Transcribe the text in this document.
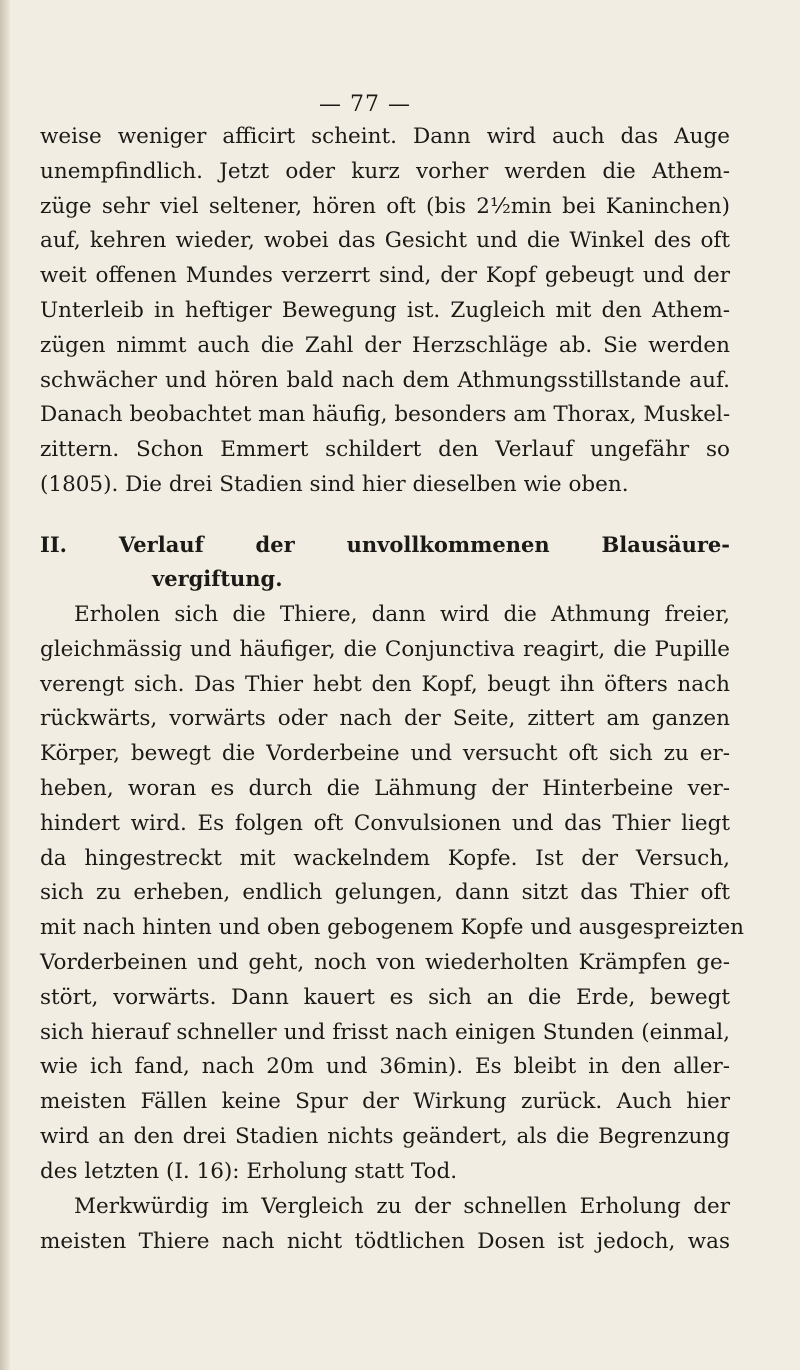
— 77 —
weise weniger afficirt scheint. Dann wird auch das Auge
unempfindlich. Jetzt oder kurz vorher werden die Athem-
züge sehr viel seltener, hören oft (bis 2½min bei Kaninchen)
auf, kehren wieder, wobei das Gesicht und die Winkel des oft
weit offenen Mundes verzerrt sind, der Kopf gebeugt und der
Unterleib in heftiger Bewegung ist. Zugleich mit den Athem-
zügen nimmt auch die Zahl der Herzschläge ab. Sie werden
schwächer und hören bald nach dem Athmungsstillstande auf.
Danach beobachtet man häufig, besonders am Thorax, Muskel-
zittern. Schon Emmert schildert den Verlauf ungefähr so
(1805). Die drei Stadien sind hier dieselben wie oben.
II. Verlauf der unvollkommenen Blausäure-
vergiftung.
Erholen sich die Thiere, dann wird die Athmung freier,
gleichmässig und häufiger, die Conjunctiva reagirt, die Pupille
verengt sich. Das Thier hebt den Kopf, beugt ihn öfters nach
rückwärts, vorwärts oder nach der Seite, zittert am ganzen
Körper, bewegt die Vorderbeine und versucht oft sich zu er-
heben, woran es durch die Lähmung der Hinterbeine ver-
hindert wird. Es folgen oft Convulsionen und das Thier liegt
da hingestreckt mit wackelndem Kopfe. Ist der Versuch,
sich zu erheben, endlich gelungen, dann sitzt das Thier oft
mit nach hinten und oben gebogenem Kopfe und ausgespreizten
Vorderbeinen und geht, noch von wiederholten Krämpfen ge-
stört, vorwärts. Dann kauert es sich an die Erde, bewegt
sich hierauf schneller und frisst nach einigen Stunden (einmal,
wie ich fand, nach 20m und 36min). Es bleibt in den aller-
meisten Fällen keine Spur der Wirkung zurück. Auch hier
wird an den drei Stadien nichts geändert, als die Begrenzung
des letzten (I. 16): Erholung statt Tod.
Merkwürdig im Vergleich zu der schnellen Erholung der
meisten Thiere nach nicht tödtlichen Dosen ist jedoch, was
